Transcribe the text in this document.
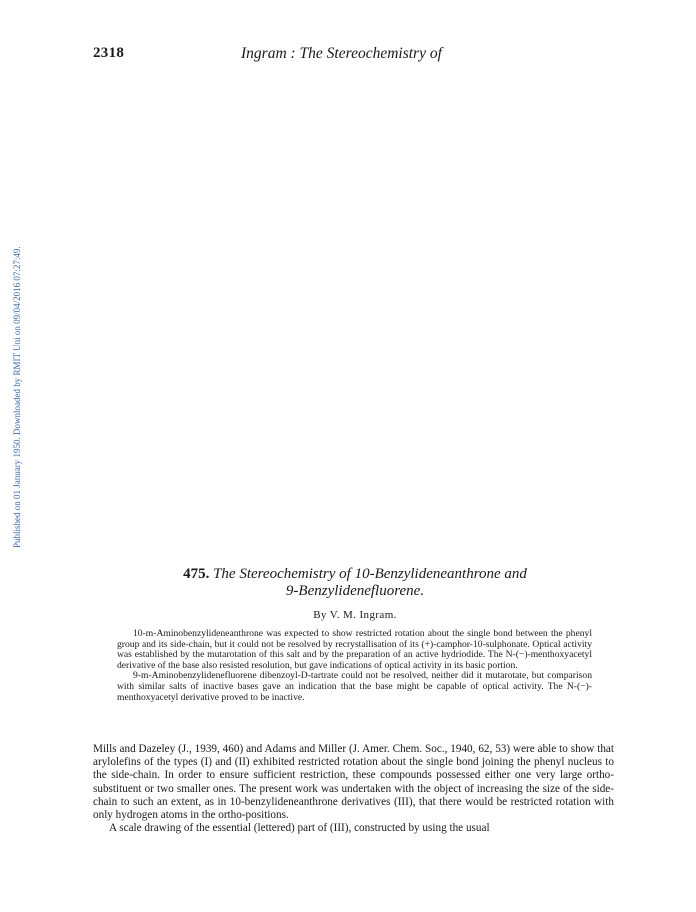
2318	Ingram : The Stereochemistry of
Published on 01 January 1950. Downloaded by RMIT Uni on 09/04/2016 07:27:49.
475. The Stereochemistry of 10-Benzylideneanthrone and
9-Benzylidenefluorene.
By V. M. Ingram.

10-m-Aminobenzylideneanthrone was expected to show restricted rotation about the single bond between the phenyl group and its side-chain, but it could not be resolved by recrystallisation of its (+)-camphor-10-sulphonate. Optical activity was established by the mutarotation of this salt and by the preparation of an active hydriodide. The N-(−)-menthoxyacetyl derivative of the base also resisted resolution, but gave indications of optical activity in its basic portion.

9-m-Aminobenzylidenefluorene dibenzoyl-D-tartrate could not be resolved, neither did it mutarotate, but comparison with similar salts of inactive bases gave an indication that the base might be capable of optical activity. The N-(−)-menthoxyacetyl derivative proved to be inactive.

Mills and Dazeley (J., 1939, 460) and Adams and Miller (J. Amer. Chem. Soc., 1940, 62, 53) were able to show that arylolefins of the types (I) and (II) exhibited restricted rotation about the single bond joining the phenyl nucleus to the side-chain. In order to ensure sufficient restriction, these compounds possessed either one very large ortho-substituent or two smaller ones. The present work was undertaken with the object of increasing the size of the side-chain to such an extent, as in 10-benzylideneanthrone derivatives (III), that there would be restricted rotation with only hydrogen atoms in the ortho-positions.

A scale drawing of the essential (lettered) part of (III), constructed by using the usual
